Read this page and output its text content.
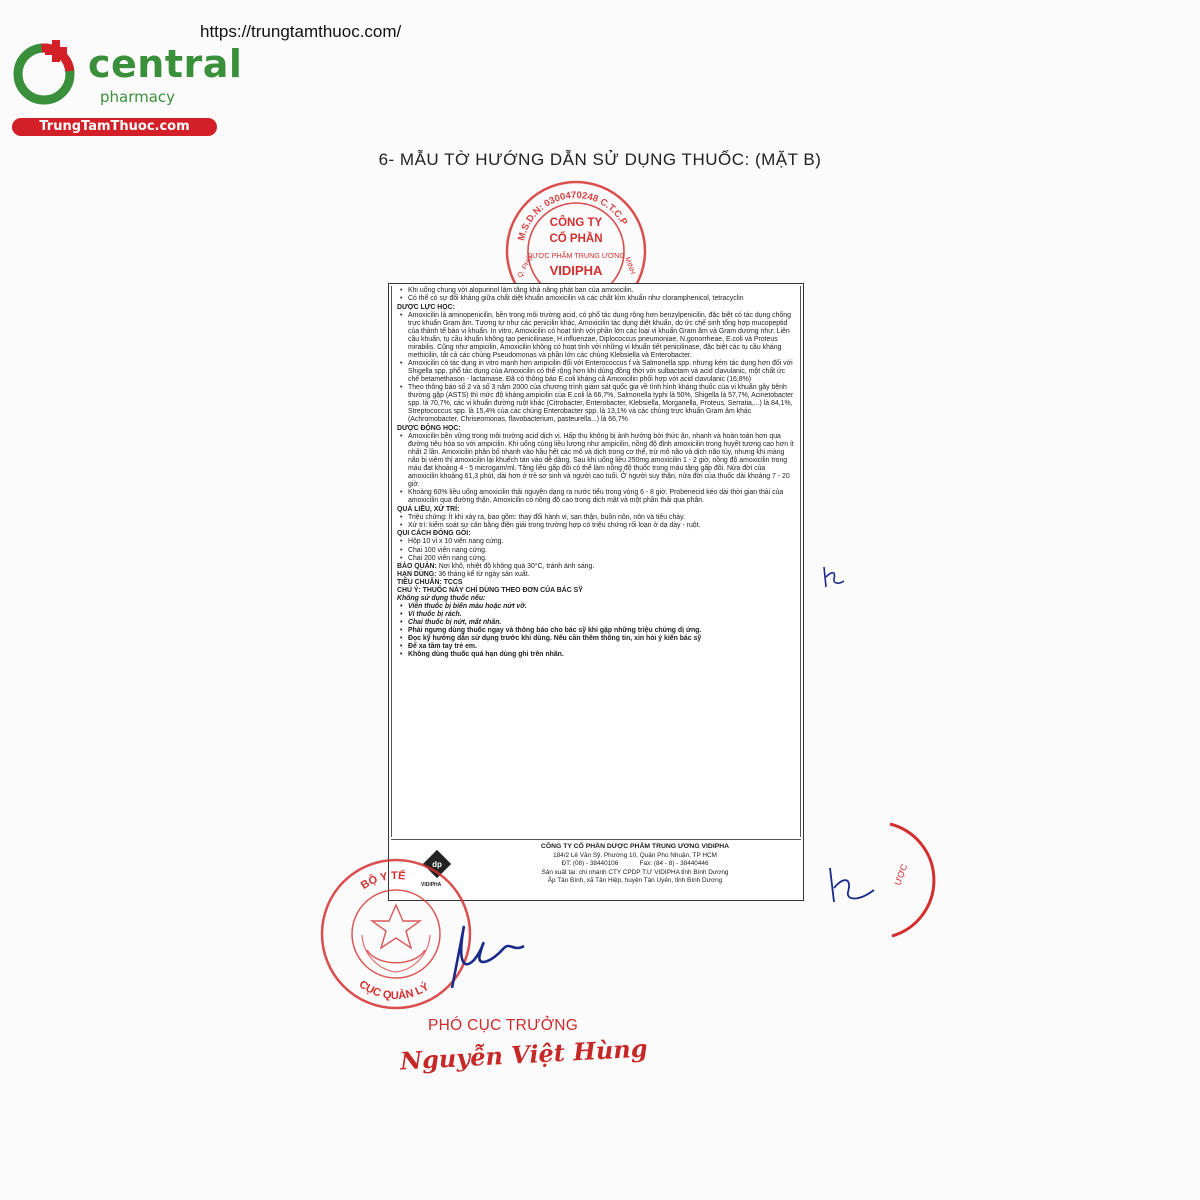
https://trungtamthuoc.com/
central
pharmacy
TrungTamThuoc.com
6- MẪU TỜ HƯỚNG DẪN SỬ DỤNG THUỐC: (MẶT B)
M.S.D.N: 0300470248 C.T.C.P
Q. PHÚ	MINH
CÔNG TY
CỔ PHẦN
DƯỢC PHẨM TRUNG ƯƠNG
VIDIPHA
• Khi uống chung với alopurinol làm tăng khả năng phát ban của amoxicilin.
• Có thể có sự đối kháng giữa chất diệt khuẩn amoxicilin và các chất kìm khuẩn như cloramphenicol, tetracyclin
DƯỢC LỰC HỌC:
• Amoxicilin là aminopenicilin, bền trong môi trường acid, có phổ tác dụng rộng hơn benzylpenicilin, đặc biệt có tác dụng chống trực khuẩn Gram âm. Tương tự như các penicilin khác, Amoxicilin tác dụng diệt khuẩn, do ức chế sinh tổng hợp mucopeptid của thành tế bào vi khuẩn. In vitro, Amoxicilin có hoạt tính với phần lớn các loại vi khuẩn Gram âm và Gram dương như: Liên cầu khuẩn, tụ cầu khuẩn không tạo penicilinase, H.influenzae, Diplococcus pneumoniae, N.gonorrheae, E.coli và Proteus mirabilis. Cũng như ampicilin, Amoxicilin không có hoạt tính với những vi khuẩn tiết penicilinase, đặc biệt các tụ cầu kháng methicilin, tất cả các chủng Pseudomonas và phần lớn các chủng Klebsiella và Enterobacter.
• Amoxicilin có tác dụng in vitro mạnh hơn ampicilin đối với Enterococcus f và Salmonella spp. nhưng kém tác dụng hơn đối với Shigella spp. phổ tác dụng của Amoxicilin có thể rộng hơn khi dùng đồng thời với sulbactam và acid clavulanic, một chất ức chế betamethason - lactamase. Đã có thông báo E.coli kháng cả Amoxicilin phối hợp với acid clavulanic (16,8%)
• Theo thông báo số 2 và số 3 năm 2000 của chương trình giám sát quốc gia về tình hình kháng thuốc của vi khuẩn gây bệnh thường gặp (ASTS) thì mức độ kháng ampicilin của E.coli là 66,7%, Salmonella typhi là 50%, Shigella là 57,7%, Acinetobacter spp. là 70,7%, các vi khuẩn đường ruột khác (Citrobacter, Enterobacter, Klebsiella, Morganella, Proteus, Serratia,...) là 84,1%, Streptococcus spp. là 15,4% của các chủng Enterobacter spp. là 13,1% và các chủng trực khuẩn Gram âm khác (Achromobacter, Chriseomonas, flavobacterium, pasteurella...) là 66,7%
DƯỢC ĐỘNG HỌC:
• Amoxicilin bền vững trong môi trường acid dịch vị. Hấp thu không bị ảnh hưởng bởi thức ăn, nhanh và hoàn toàn hơn qua đường tiêu hóa so với ampicilin. Khi uống cùng liều lượng như ampicilin, nồng độ đỉnh amoxicilin trong huyết tương cao hơn ít nhất 2 lần. Amoxicilin phân bố nhanh vào hầu hết các mô và dịch trong cơ thể, trừ mô não và dịch não tủy, nhưng khi màng não bị viêm thì amoxicilin lại khuếch tán vào dễ dàng. Sau khi uống liều 250mg amoxicilin 1 - 2 giờ, nồng độ amoxicilin trong máu đạt khoảng 4 - 5 microgam/ml. Tăng liều gấp đôi có thể làm nồng độ thuốc trong máu tăng gấp đôi. Nửa đời của amoxicilin khoảng 61,3 phút, dài hơn ở trẻ sơ sinh và người cao tuổi. Ở người suy thận, nửa đời của thuốc dài khoảng 7 - 20 giờ.
• Khoảng 60% liều uống amoxicilin thải nguyên dạng ra nước tiểu trong vòng 6 - 8 giờ. Probenecid kéo dài thời gian thải của amoxicilin qua đường thận. Amoxicilin có nồng độ cao trong dịch mật và một phần thải qua phân.
QUÁ LIỀU, XỬ TRÍ:
• Triệu chứng: Ít khi xảy ra, bao gồm: thay đổi hành vi, sạn thận, buồn nôn, nôn và tiêu chảy.
• Xử trí: kiểm soát sự cân bằng điện giải trong trường hợp có triệu chứng rối loạn ở dạ dày - ruột.
QUI CÁCH ĐÓNG GÓI:
• Hộp 10 vỉ x 10 viên nang cứng.
• Chai 100 viên nang cứng.
• Chai 200 viên nang cứng.
BẢO QUẢN: Nơi khô, nhiệt độ không quá 30°C, tránh ánh sáng.
HẠN DÙNG: 36 tháng kể từ ngày sản xuất.
TIÊU CHUẨN: TCCS
CHÚ Ý: THUỐC NÀY CHỈ DÙNG THEO ĐƠN CỦA BÁC SỸ
Không sử dụng thuốc nếu:
• Viên thuốc bị biến màu hoặc nứt vỡ.
• Vỉ thuốc bị rách.
• Chai thuốc bị nứt, mất nhãn.
• Phải ngưng dùng thuốc ngay và thông báo cho bác sỹ khi gặp những triệu chứng dị ứng.
• Đọc kỹ hướng dẫn sử dụng trước khi dùng. Nếu cần thêm thông tin, xin hỏi ý kiến bác sỹ
• Để xa tầm tay trẻ em.
• Không dùng thuốc quá hạn dùng ghi trên nhãn.
dp
VIDIPHA
CÔNG TY CỔ PHẦN DƯỢC PHẨM TRUNG ƯƠNG VIDIPHA
184/2 Lê Văn Sỹ, Phường 10, Quận Phú Nhuận, TP HCM
ĐT: (08) - 38440106	Fax: (84 - 8) - 38440446
Sản xuất tại: chi nhánh CTY CPDP T.Ư VIDIPHA tỉnh Bình Dương
Ấp Tân Bình, xã Tân Hiệp, huyện Tân Uyên, tỉnh Bình Dương	ƯỢC
BỘ Y TẾ
CỤC QUẢN LÝ
PHÓ CỤC TRƯỞNG
Nguyễn Việt Hùng
